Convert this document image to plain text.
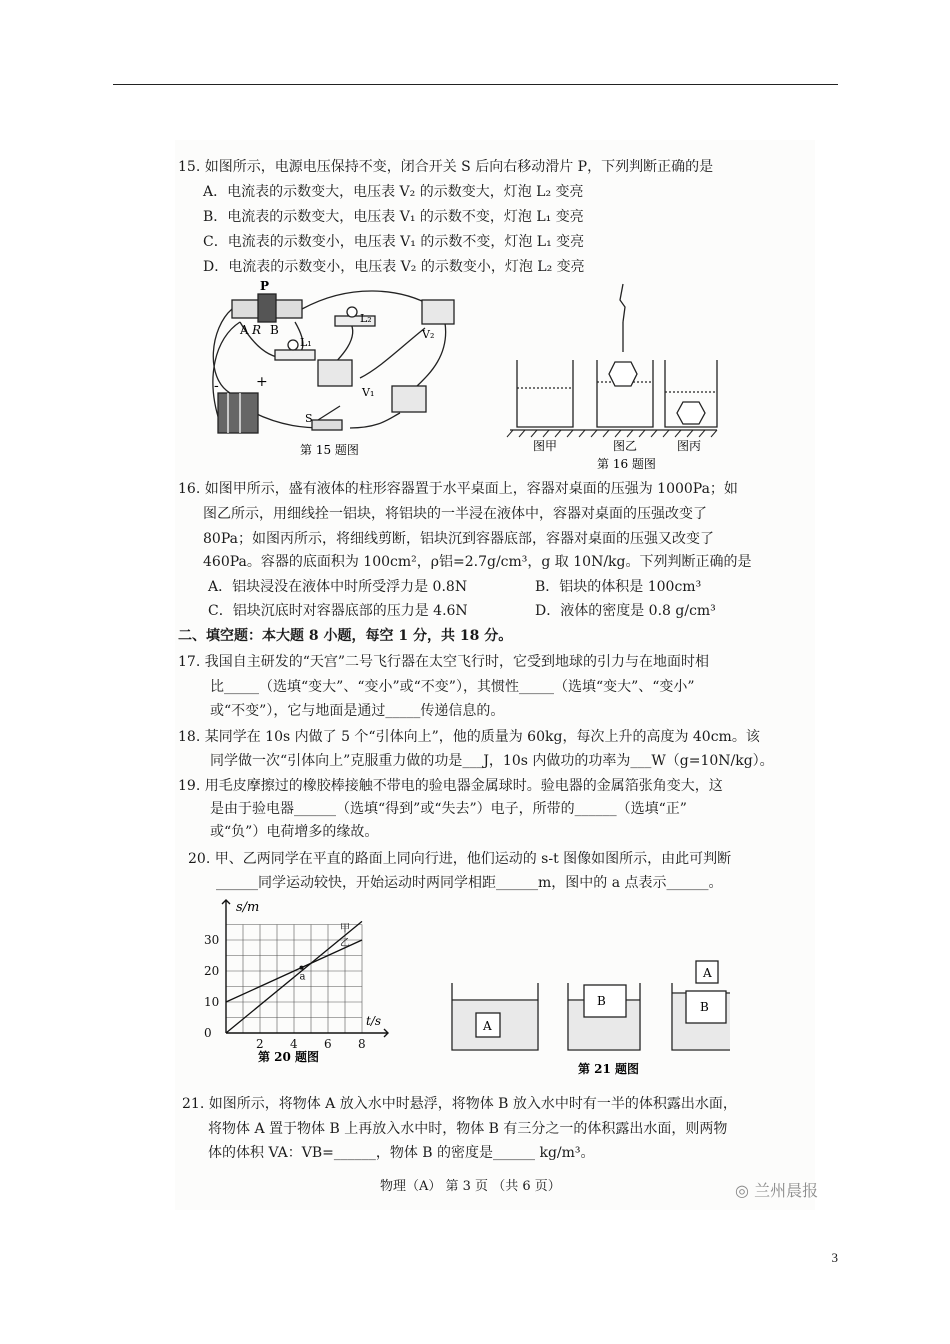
15. 如图所示，电源电压保持不变，闭合开关 S 后向右移动滑片 P，下列判断正确的是
A．电流表的示数变大，电压表 V₂ 的示数变大，灯泡 L₂ 变亮
B．电流表的示数变大，电压表 V₁ 的示数不变，灯泡 L₁ 变亮
C．电流表的示数变小，电压表 V₁ 的示数不变，灯泡 L₁ 变亮
D．电流表的示数变小，电压表 V₂ 的示数变小，灯泡 L₂ 变亮
P
A R B
L₁
L₂
V₂
V₁
S
-	+
第 15 题图	图甲	图乙	图丙
第 16 题图
16. 如图甲所示，盛有液体的柱形容器置于水平桌面上，容器对桌面的压强为 1000Pa；如
图乙所示，用细线拴一铝块，将铝块的一半浸在液体中，容器对桌面的压强改变了
80Pa；如图丙所示，将细线剪断，铝块沉到容器底部，容器对桌面的压强又改变了
460Pa。容器的底面积为 100cm²，ρ铝=2.7g/cm³，g 取 10N/kg。下列判断正确的是
A．铝块浸没在液体中时所受浮力是 0.8N	B．铝块的体积是 100cm³
C．铝块沉底时对容器底部的压力是 4.6N	D．液体的密度是 0.8 g/cm³
二、填空题：本大题 8 小题，每空 1 分，共 18 分。
17. 我国自主研发的“天宫”二号飞行器在太空飞行时，它受到地球的引力与在地面时相
比_____（选填“变大”、“变小”或“不变”），其惯性_____（选填“变大”、“变小”
或“不变”），它与地面是通过_____传递信息的。
18. 某同学在 10s 内做了 5 个“引体向上”，他的质量为 60kg，每次上升的高度为 40cm。该
同学做一次“引体向上”克服重力做的功是___J，10s 内做功的功率为___W（g=10N/kg）。
19. 用毛皮摩擦过的橡胶棒接触不带电的验电器金属球时。验电器的金属箔张角变大，这
是由于验电器______（选填“得到”或“失去”）电子，所带的______（选填“正”
或“负”）电荷增多的缘故。
20. 甲、乙两同学在平直的路面上同向行进，他们运动的 s-t 图像如图所示，由此可判断
______同学运动较快，开始运动时两同学相距______m，图中的 a 点表示______。
甲
乙
0
10
20
30
2 4 6 8
a
s/m
t/s
第 20 题图
A
B
A
B
第 21 题图
21. 如图所示，将物体 A 放入水中时悬浮，将物体 B 放入水中时有一半的体积露出水面，
将物体 A 置于物体 B 上再放入水中时，物体 B 有三分之一的体积露出水面，则两物
体的体积 VA：VB=______，物体 B 的密度是______ kg/m³。
物理（A） 第 3 页 （共 6 页）	◎ 兰州晨报
3
